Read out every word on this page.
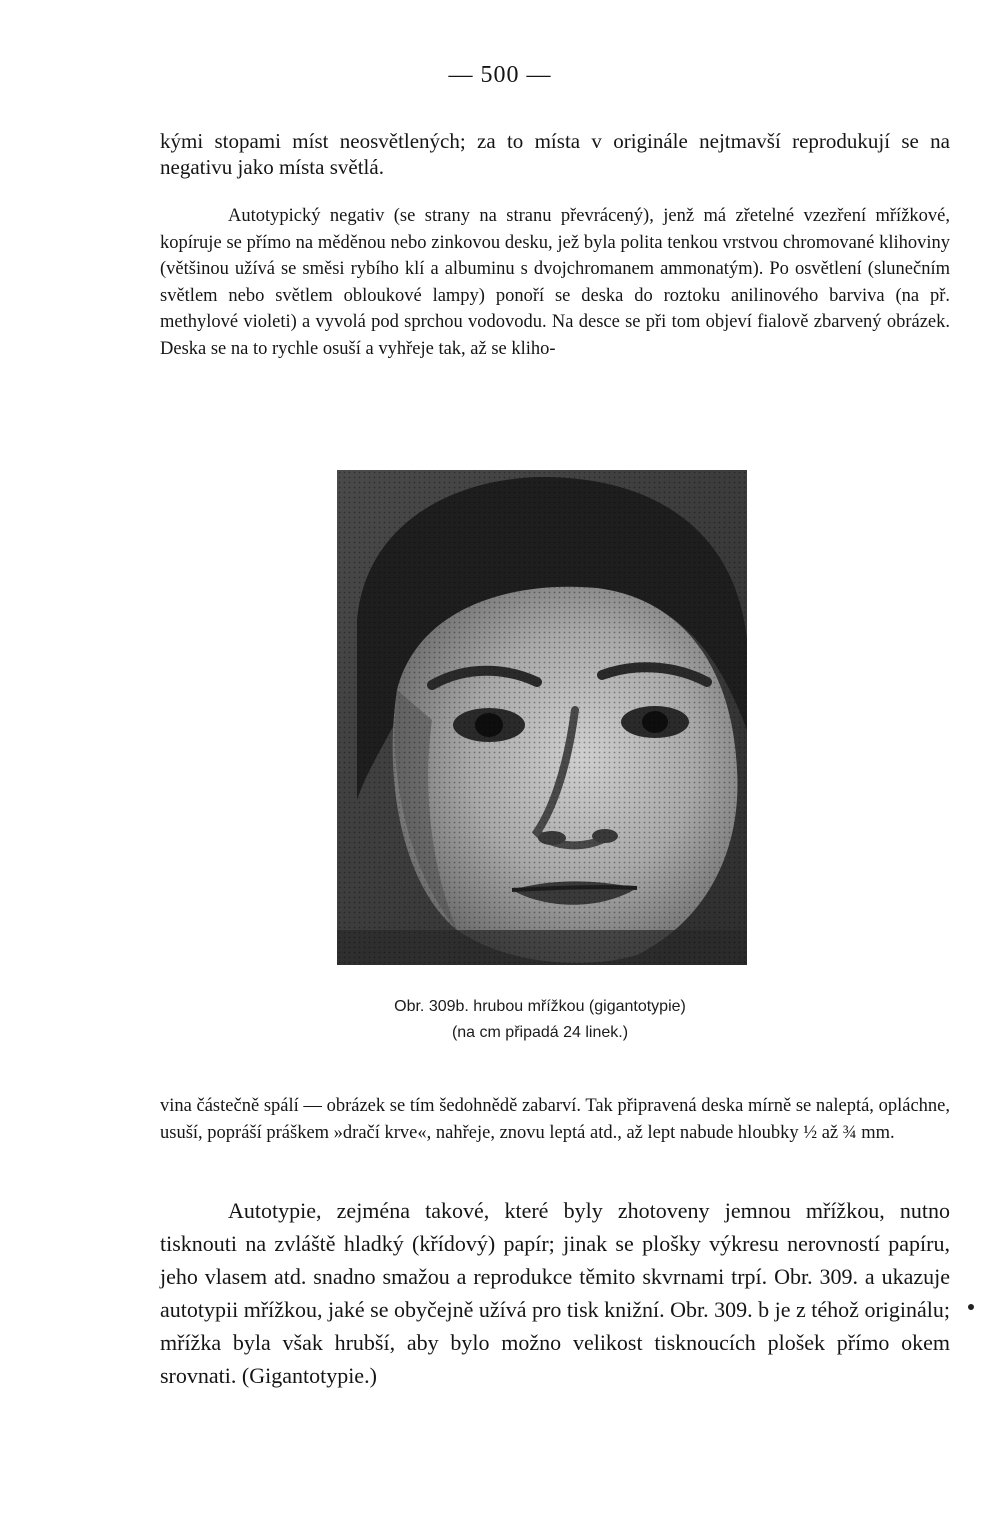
— 500 —

kými stopami míst neosvětlených; za to místa v originále nejtmavší reprodukují se na negativu jako místa světlá.

Autotypický negativ (se strany na stranu převrácený), jenž má zřetelné vzezření mřížkové, kopíruje se přímo na měděnou nebo zinkovou desku, jež byla polita tenkou vrstvou chromované klihoviny (většinou užívá se směsi rybího klí a albuminu s dvojchromanem ammonatým). Po osvětlení (slunečním světlem nebo světlem obloukové lampy) ponoří se deska do roztoku anilinového barviva (na př. methylové violeti) a vyvolá pod sprchou vodovodu. Na desce se při tom objeví fialově zbarvený obrázek. Deska se na to rychle osuší a vyhřeje tak, až se kliho-

Obr. 309b. hrubou mřížkou (gigantotypie)
(na cm připadá 24 linek.)

vina částečně spálí — obrázek se tím šedohnědě zabarví. Tak připravená deska mírně se naleptá, opláchne, usuší, popráší práškem »dračí krve«, nahřeje, znovu leptá atd., až lept nabude hloubky ½ až ¾ mm.

Autotypie, zejména takové, které byly zhotoveny jemnou mřížkou, nutno tisknouti na zvláště hladký (křídový) papír; jinak se plošky výkresu nerovností papíru, jeho vlasem atd. snadno smažou a reprodukce těmito skvrnami trpí. Obr. 309. a ukazuje autotypii mřížkou, jaké se obyčejně užívá pro tisk knižní. Obr. 309. b je z téhož originálu; mřížka byla však hrubší, aby bylo možno velikost tisknoucích plošek přímo okem srovnati. (Gigantotypie.)
